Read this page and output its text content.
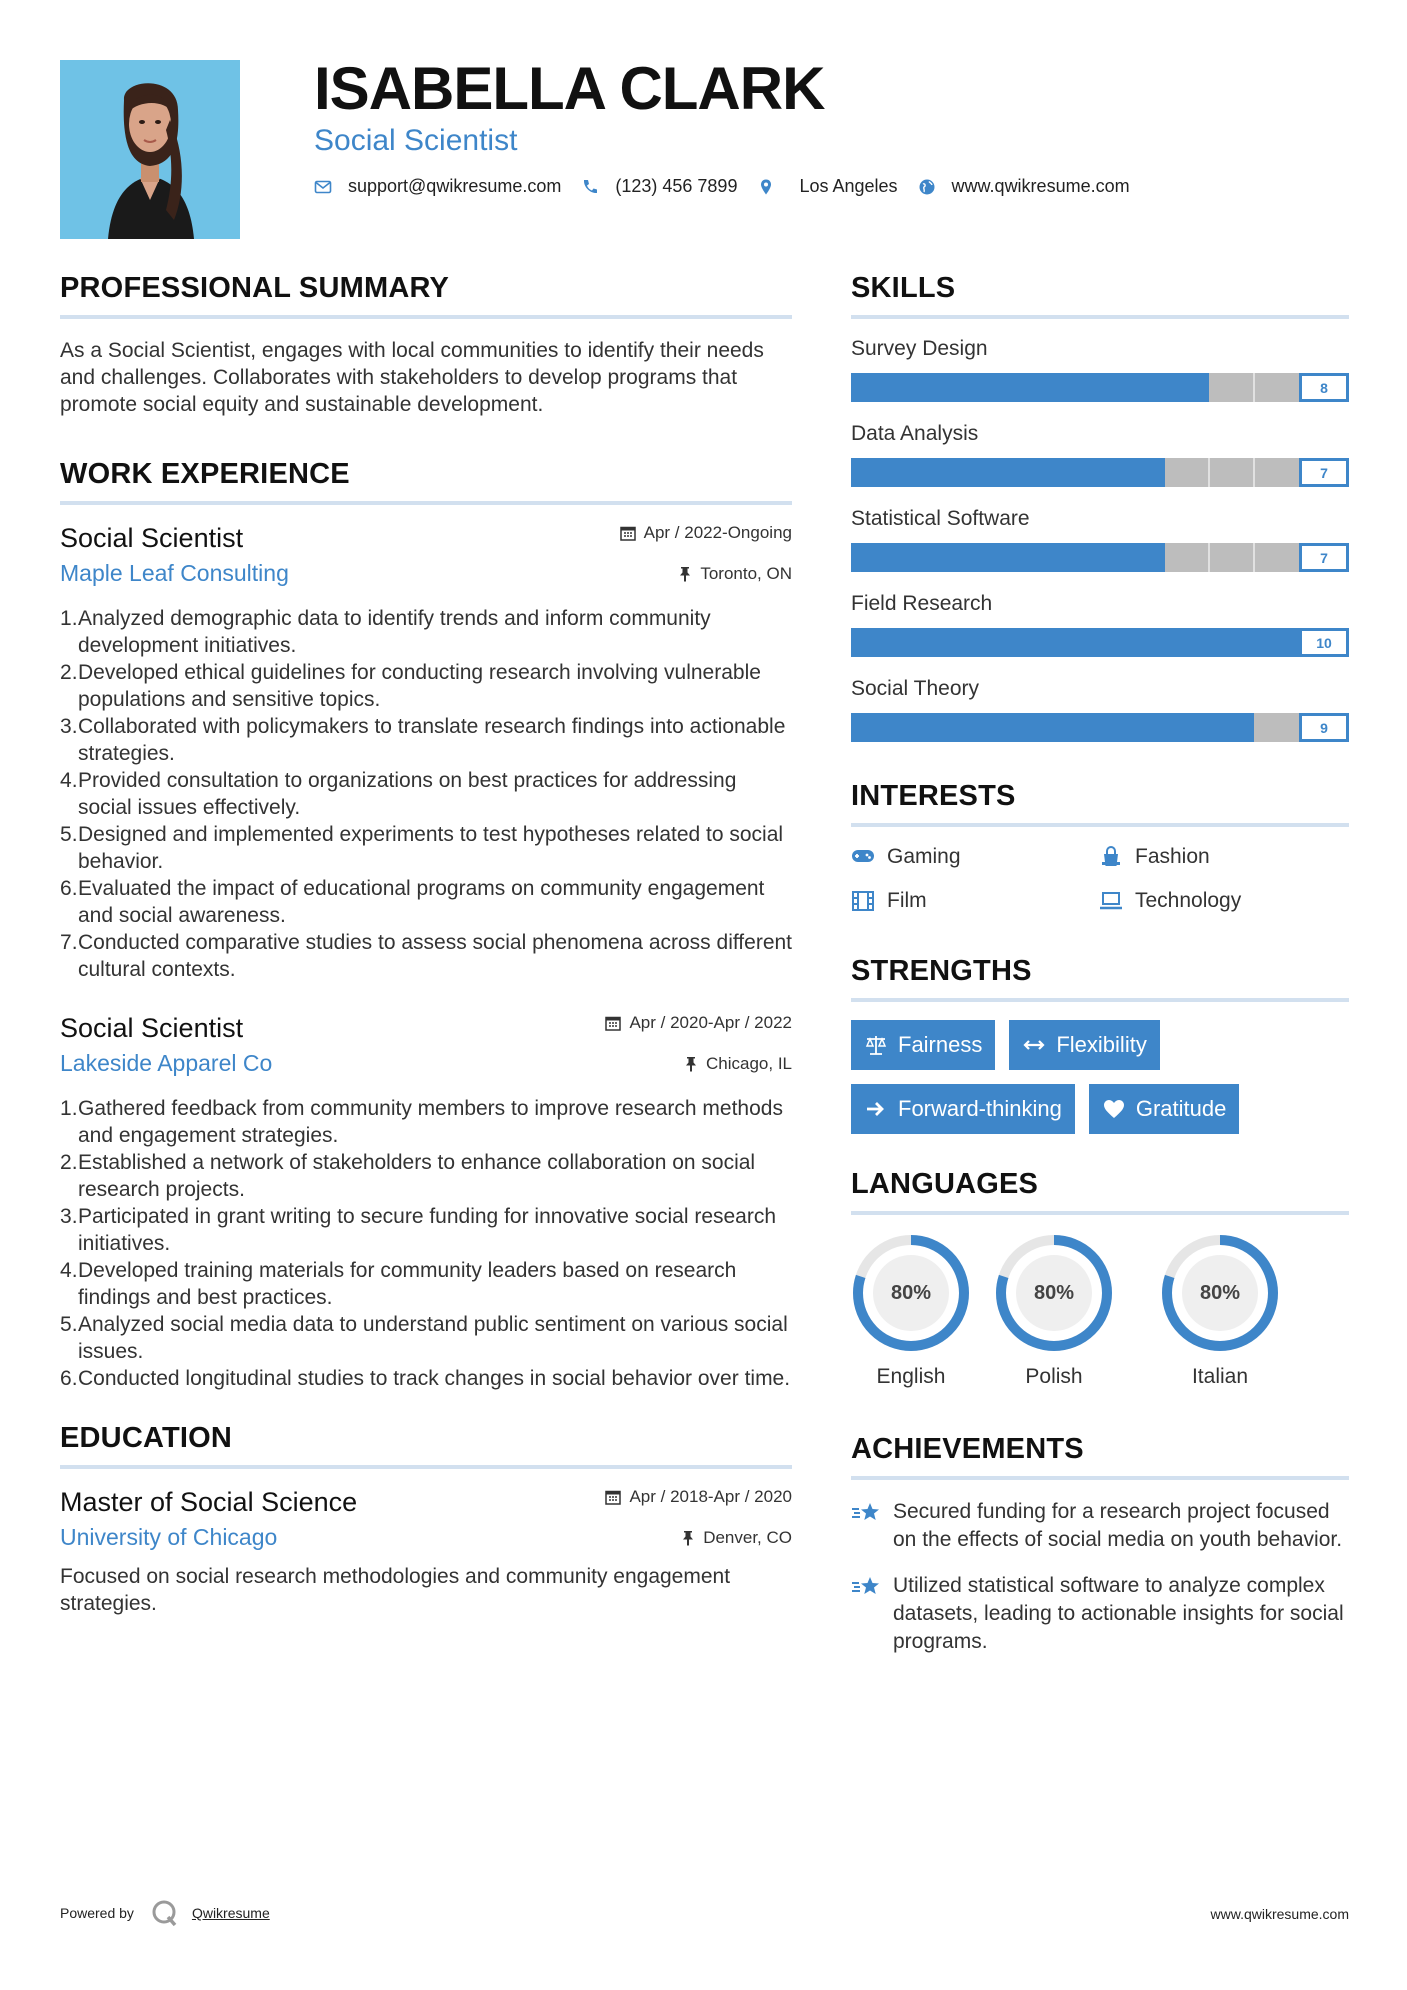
ISABELLA CLARK
Social Scientist
support@qwikresume.com	(123) 456 7899	Los Angeles	www.qwikresume.com
PROFESSIONAL SUMMARY

As a Social Scientist, engages with local communities to identify their needs and challenges. Collaborates with stakeholders to develop programs that promote social equity and sustainable development.

WORK EXPERIENCE
Social Scientist	Apr / 2022-Ongoing
Maple Leaf Consulting	Toronto, ON
Analyzed demographic data to identify trends and inform community development initiatives.
Developed ethical guidelines for conducting research involving vulnerable populations and sensitive topics.
Collaborated with policymakers to translate research findings into actionable strategies.
Provided consultation to organizations on best practices for addressing social issues effectively.
Designed and implemented experiments to test hypotheses related to social behavior.
Evaluated the impact of educational programs on community engagement and social awareness.
Conducted comparative studies to assess social phenomena across different cultural contexts.
Social Scientist	Apr / 2020-Apr / 2022
Lakeside Apparel Co	Chicago, IL
Gathered feedback from community members to improve research methods and engagement strategies.
Established a network of stakeholders to enhance collaboration on social research projects.
Participated in grant writing to secure funding for innovative social research initiatives.
Developed training materials for community leaders based on research findings and best practices.
Analyzed social media data to understand public sentiment on various social issues.
Conducted longitudinal studies to track changes in social behavior over time.
EDUCATION
Master of Social Science	Apr / 2018-Apr / 2020
University of Chicago	Denver, CO

Focused on social research methodologies and community engagement strategies.

SKILLS
Survey Design
8
Data Analysis
7
Statistical Software
7
Field Research
10
Social Theory
9
INTERESTS
Gaming	Fashion
Film	Technology
STRENGTHS
Fairness	Flexibility
Forward-thinking	Gratitude
LANGUAGES
80%
English
80%
Polish
80%
Italian
ACHIEVEMENTS
Secured funding for a research project focused on the effects of social media on youth behavior.
Utilized statistical software to analyze complex datasets, leading to actionable insights for social programs.
Powered by	Qwikresume	www.qwikresume.com
